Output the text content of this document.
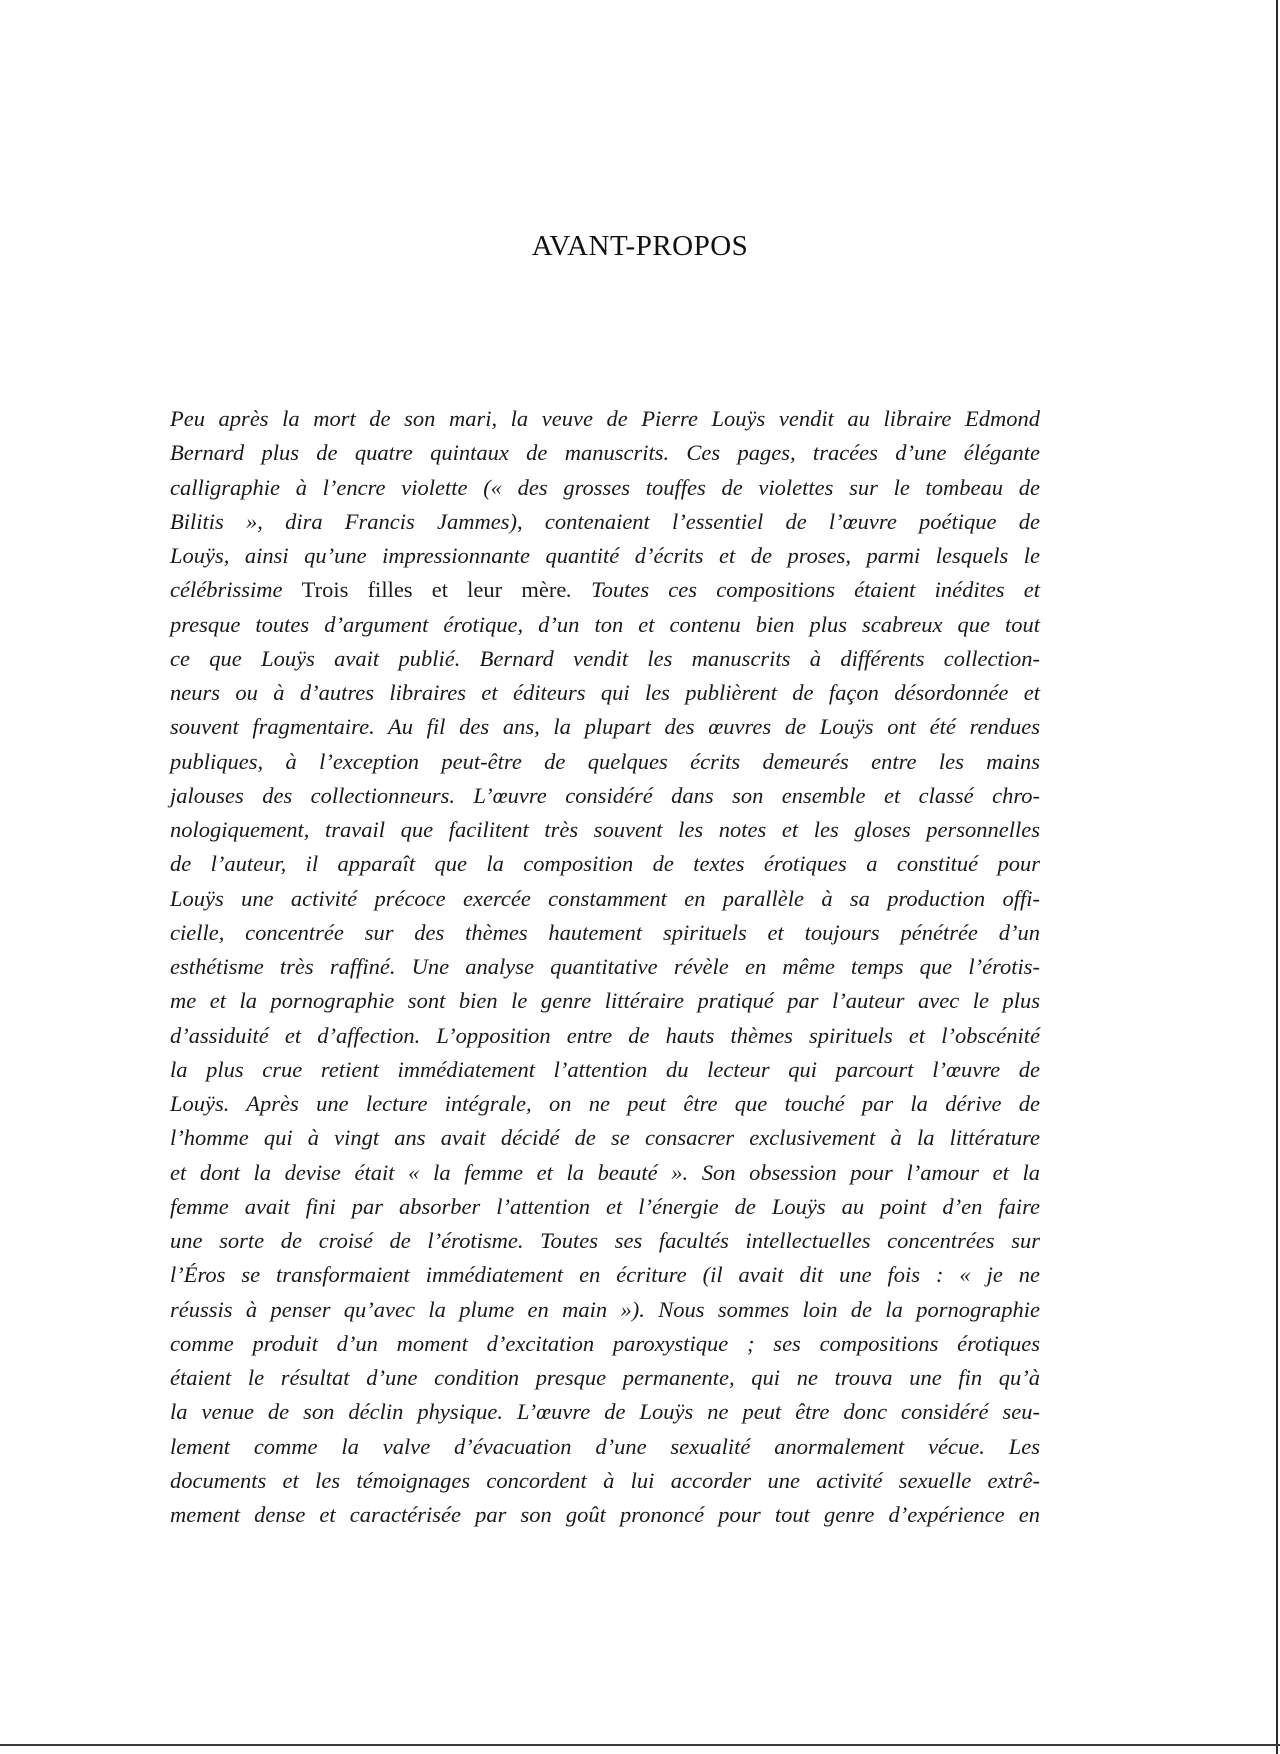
AVANT-PROPOS
Peu après la mort de son mari, la veuve de Pierre Louÿs vendit au libraire Edmond
Bernard plus de quatre quintaux de manuscrits. Ces pages, tracées d’une élégante
calligraphie à l’encre violette (« des grosses touffes de violettes sur le tombeau de
Bilitis », dira Francis Jammes), contenaient l’essentiel de l’œuvre poétique de
Louÿs, ainsi qu’une impressionnante quantité d’écrits et de proses, parmi lesquels le
célébrissime Trois filles et leur mère. Toutes ces compositions étaient inédites et
presque toutes d’argument érotique, d’un ton et contenu bien plus scabreux que tout
ce que Louÿs avait publié. Bernard vendit les manuscrits à différents collection-
neurs ou à d’autres libraires et éditeurs qui les publièrent de façon désordonnée et
souvent fragmentaire. Au fil des ans, la plupart des œuvres de Louÿs ont été rendues
publiques, à l’exception peut-être de quelques écrits demeurés entre les mains
jalouses des collectionneurs. L’œuvre considéré dans son ensemble et classé chro-
nologiquement, travail que facilitent très souvent les notes et les gloses personnelles
de l’auteur, il apparaît que la composition de textes érotiques a constitué pour
Louÿs une activité précoce exercée constamment en parallèle à sa production offi-
cielle, concentrée sur des thèmes hautement spirituels et toujours pénétrée d’un
esthétisme très raffiné. Une analyse quantitative révèle en même temps que l’érotis-
me et la pornographie sont bien le genre littéraire pratiqué par l’auteur avec le plus
d’assiduité et d’affection. L’opposition entre de hauts thèmes spirituels et l’obscénité
la plus crue retient immédiatement l’attention du lecteur qui parcourt l’œuvre de
Louÿs. Après une lecture intégrale, on ne peut être que touché par la dérive de
l’homme qui à vingt ans avait décidé de se consacrer exclusivement à la littérature
et dont la devise était « la femme et la beauté ». Son obsession pour l’amour et la
femme avait fini par absorber l’attention et l’énergie de Louÿs au point d’en faire
une sorte de croisé de l’érotisme. Toutes ses facultés intellectuelles concentrées sur
l’Éros se transformaient immédiatement en écriture (il avait dit une fois : « je ne
réussis à penser qu’avec la plume en main »). Nous sommes loin de la pornographie
comme produit d’un moment d’excitation paroxystique ; ses compositions érotiques
étaient le résultat d’une condition presque permanente, qui ne trouva une fin qu’à
la venue de son déclin physique. L’œuvre de Louÿs ne peut être donc considéré seu-
lement comme la valve d’évacuation d’une sexualité anormalement vécue. Les
documents et les témoignages concordent à lui accorder une activité sexuelle extrê-
mement dense et caractérisée par son goût prononcé pour tout genre d’expérience en
